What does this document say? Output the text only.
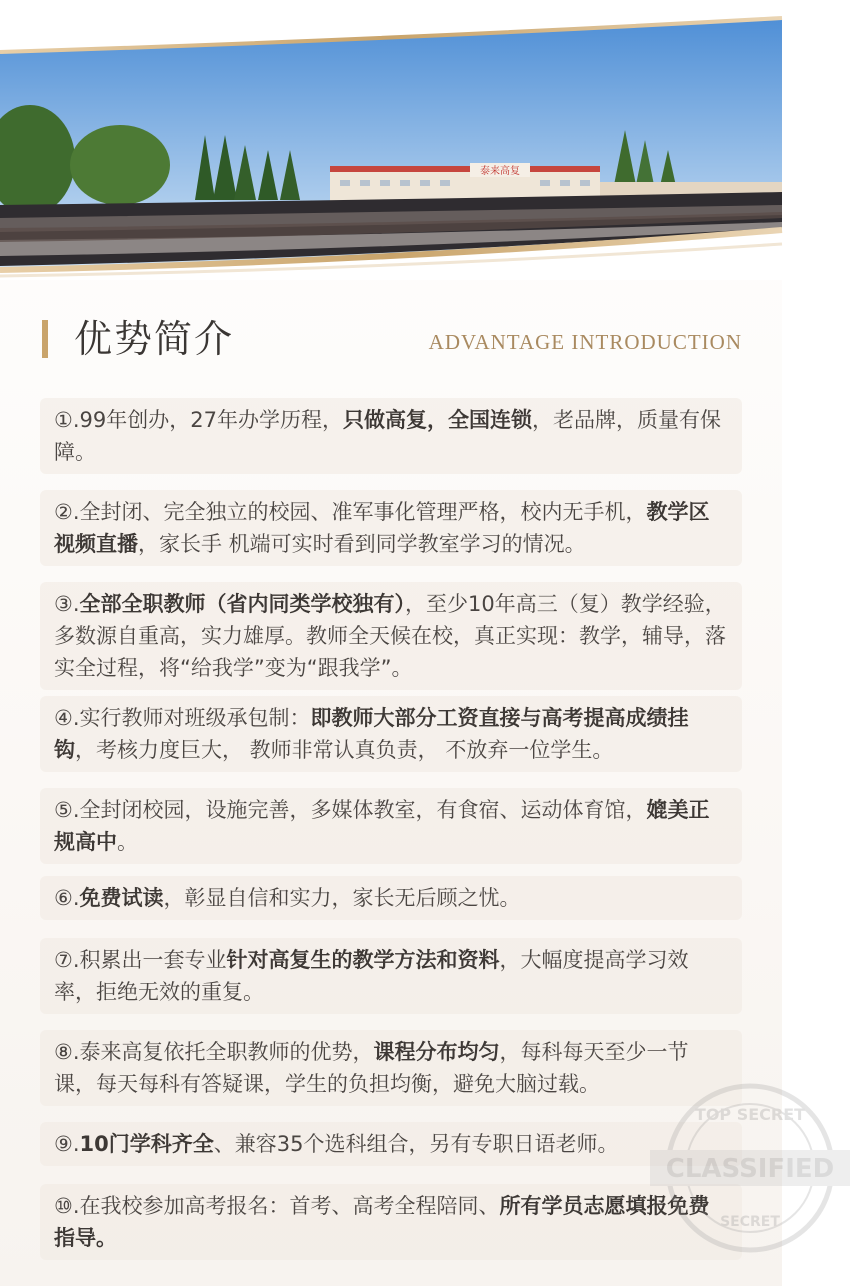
泰来高复
优势简介	ADVANTAGE INTRODUCTION
①.99年创办，27年办学历程，只做高复，全国连锁，老品牌，质量有保障。
②.全封闭、完全独立的校园、准军事化管理严格，校内无手机，教学区视频直播，家长手 机端可实时看到同学教室学习的情况。
③.全部全职教师（省内同类学校独有），至少10年高三（复）教学经验，多数源自重高，实力雄厚。教师全天候在校，真正实现：教学，辅导，落实全过程，将“给我学”变为“跟我学”。
④.实行教师对班级承包制：即教师大部分工资直接与高考提高成绩挂钩，考核力度巨大， 教师非常认真负责， 不放弃一位学生。
⑤.全封闭校园，设施完善，多媒体教室，有食宿、运动体育馆，媲美正规高中。
⑥.免费试读，彰显自信和实力，家长无后顾之忧。
⑦.积累出一套专业针对高复生的教学方法和资料，大幅度提高学习效率，拒绝无效的重复。
⑧.泰来高复依托全职教师的优势，课程分布均匀，每科每天至少一节课，每天每科有答疑课，学生的负担均衡，避免大脑过载。
⑨.10门学科齐全、兼容35个选科组合，另有专职日语老师。
⑩.在我校参加高考报名：首考、高考全程陪同、所有学员志愿填报免费指导。
TOP SECRET
CLASSIFIED
SECRET
